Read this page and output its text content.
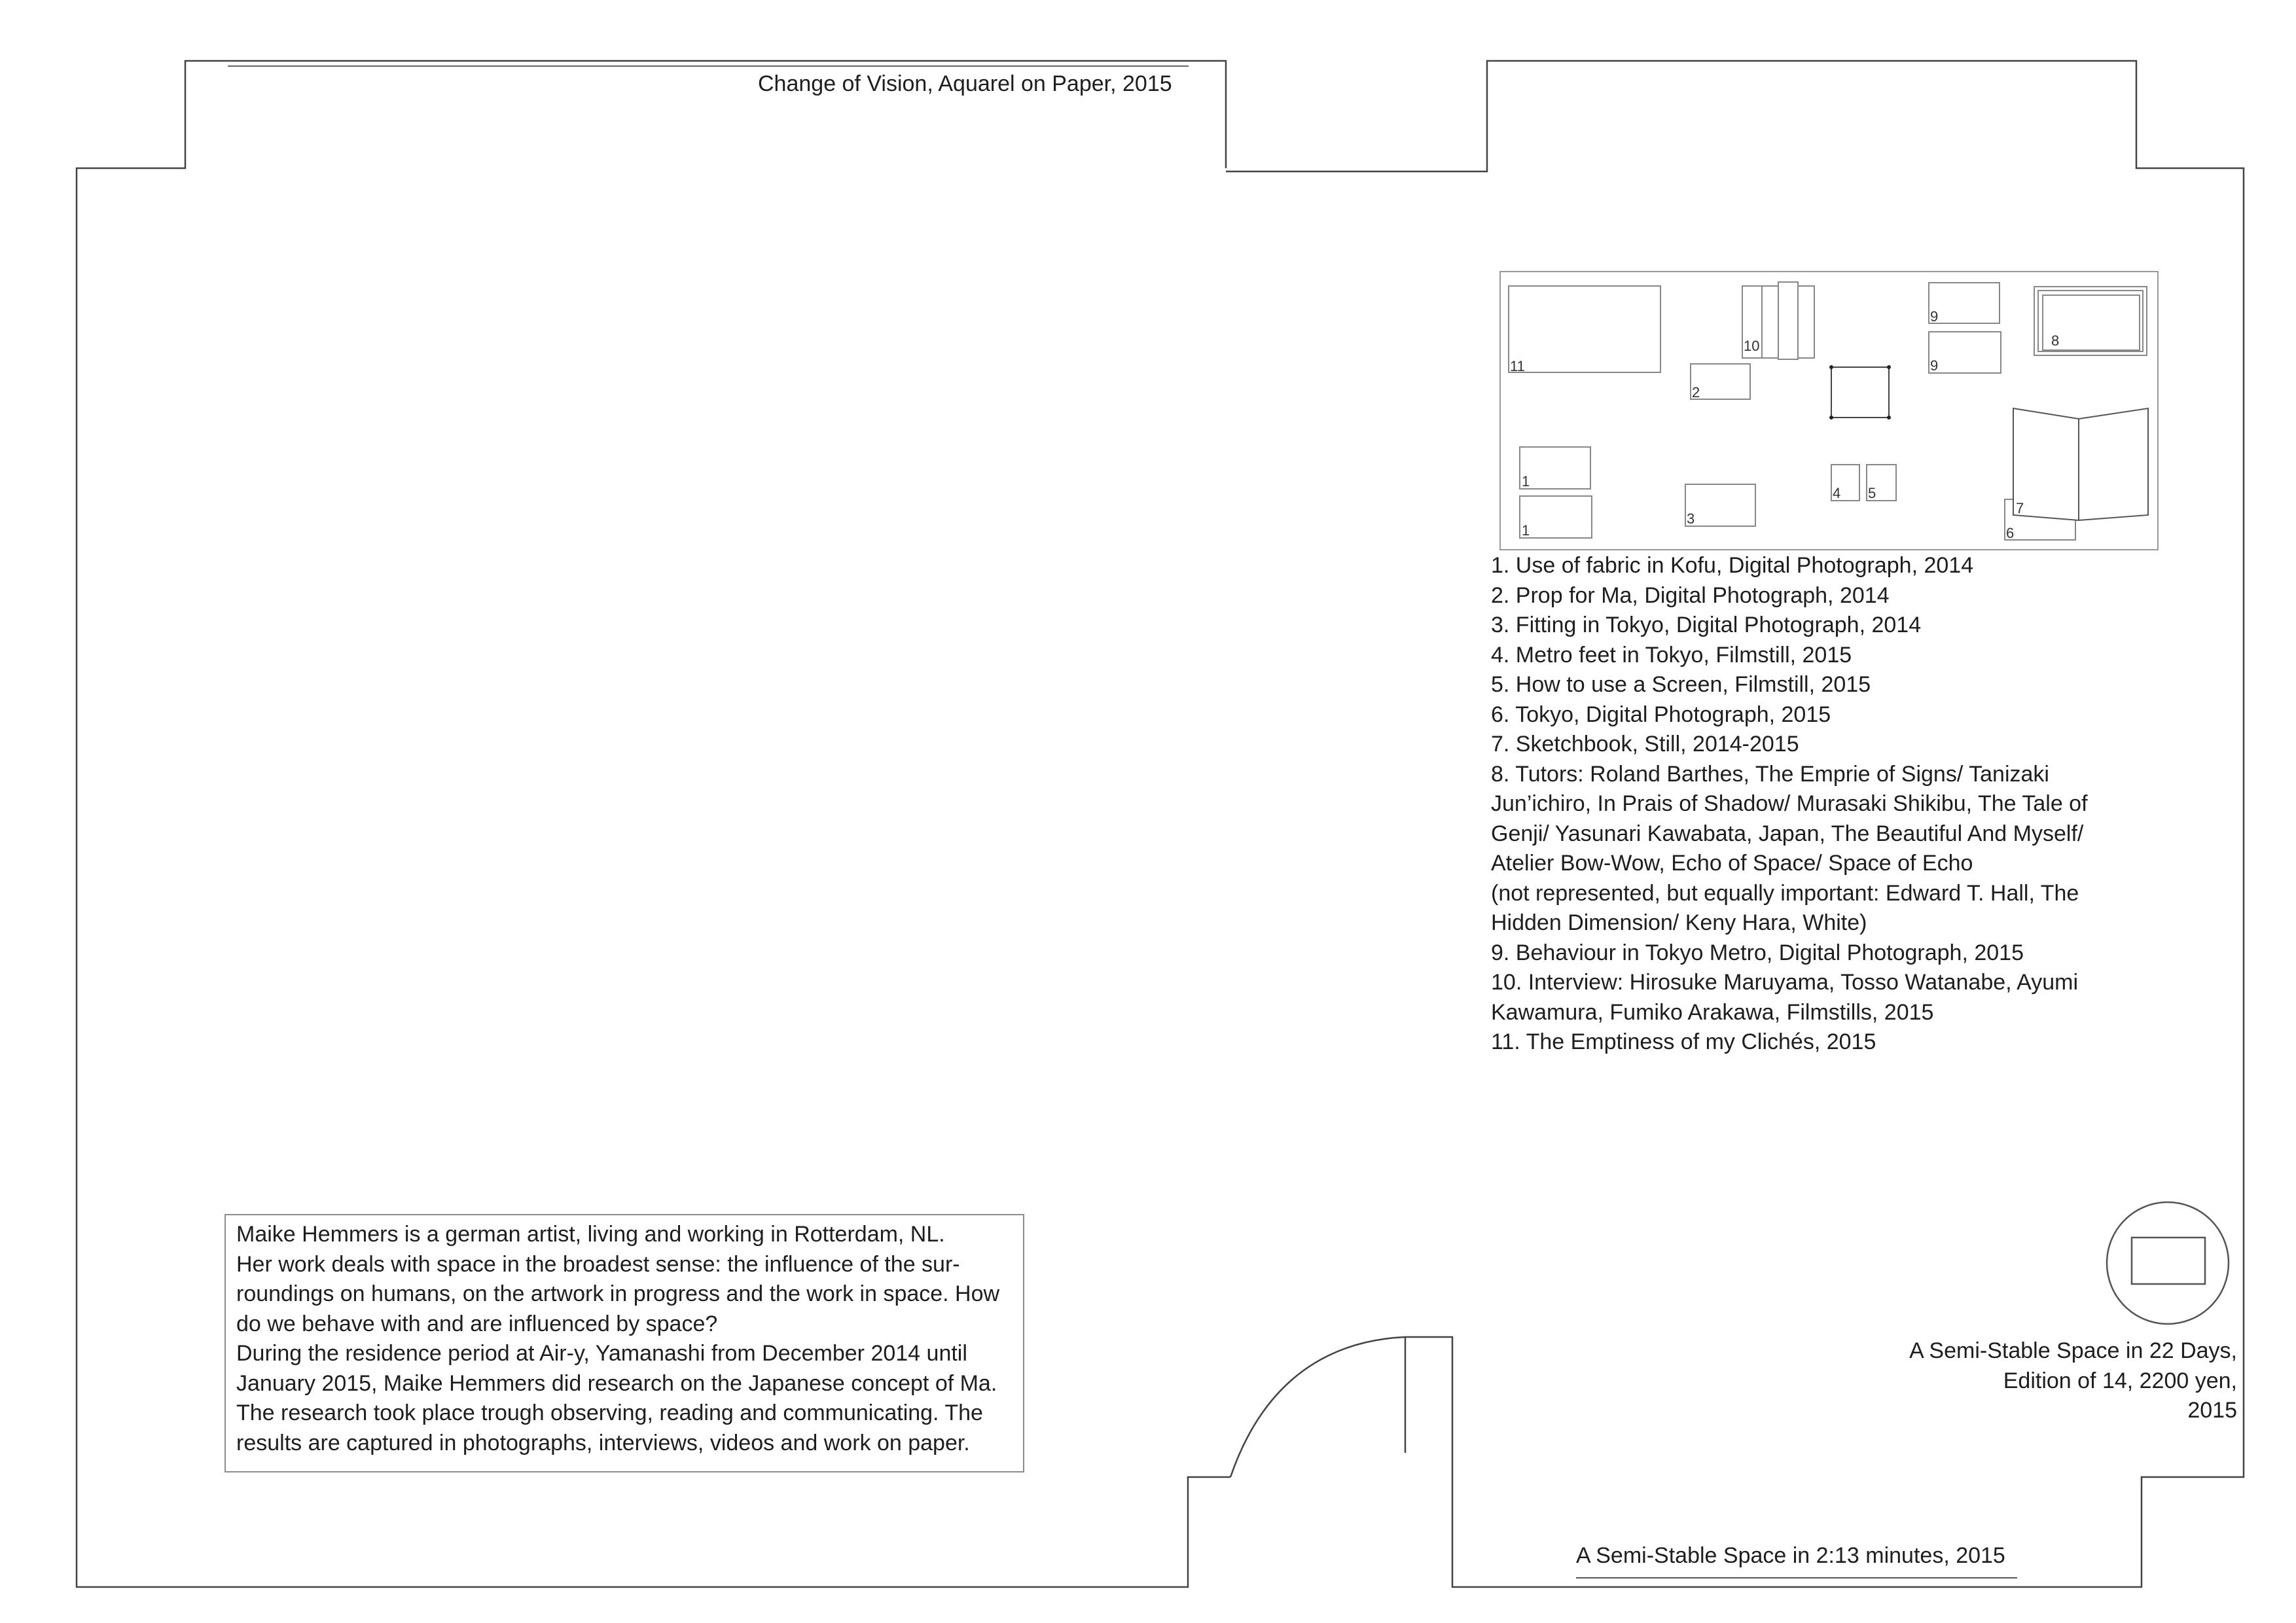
11
10
2
9
9
8
1
1
3
4 5
7
6
Change of Vision, Aquarel on Paper, 2015
1. Use of fabric in Kofu, Digital Photograph, 2014
2. Prop for Ma, Digital Photograph, 2014
3. Fitting in Tokyo, Digital Photograph, 2014
4. Metro feet in Tokyo, Filmstill, 2015
5. How to use a Screen, Filmstill, 2015
6. Tokyo, Digital Photograph, 2015
7. Sketchbook, Still, 2014-2015
8. Tutors: Roland Barthes, The Emprie of Signs/ Tanizaki
Jun’ichiro, In Prais of Shadow/ Murasaki Shikibu, The Tale of
Genji/ Yasunari Kawabata, Japan, The Beautiful And Myself/
Atelier Bow-Wow, Echo of Space/ Space of Echo
(not represented, but equally important: Edward T. Hall, The
Hidden Dimension/ Keny Hara, White)
9. Behaviour in Tokyo Metro, Digital Photograph, 2015
10. Interview: Hirosuke Maruyama, Tosso Watanabe, Ayumi
Kawamura, Fumiko Arakawa, Filmstills, 2015
11. The Emptiness of my Clichés, 2015
Maike Hemmers is a german artist, living and working in Rotterdam, NL.
Her work deals with space in the broadest sense: the influence of the sur-
roundings on humans, on the artwork in progress and the work in space. How
do we behave with and are influenced by space?
During the residence period at Air-y, Yamanashi from December 2014 until
January 2015, Maike Hemmers did research on the Japanese concept of Ma.
The research took place trough observing, reading and communicating. The
results are captured in photographs, interviews, videos and work on paper.
A Semi-Stable Space in 22 Days,
Edition of 14, 2200 yen,
2015
A Semi-Stable Space in 2:13 minutes, 2015
